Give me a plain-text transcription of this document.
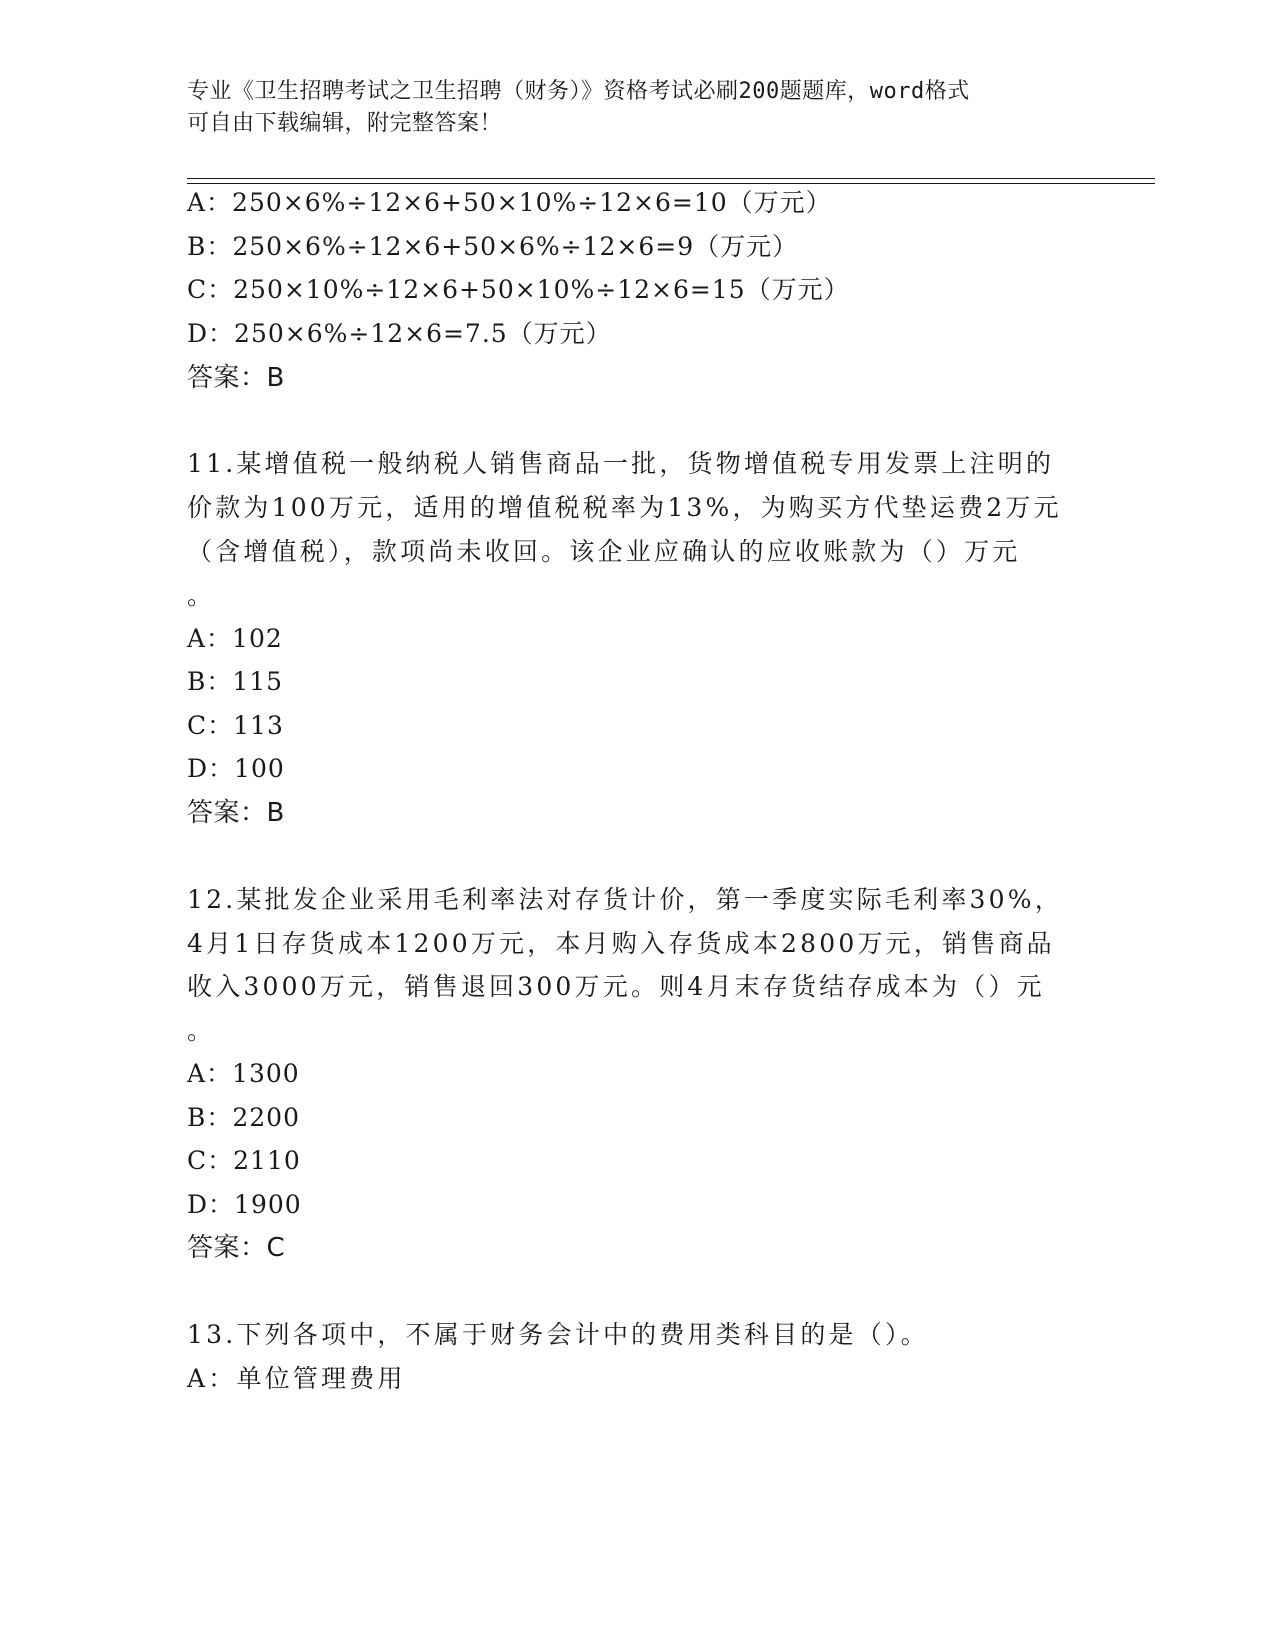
专业《卫生招聘考试之卫生招聘（财务）》资格考试必刷200题题库，word格式
可自由下载编辑，附完整答案！
A：250×6%÷12×6+50×10%÷12×6=10（万元）
B：250×6%÷12×6+50×6%÷12×6=9（万元）
C：250×10%÷12×6+50×10%÷12×6=15（万元）
D：250×6%÷12×6=7.5（万元）
答案：B
11.某增值税一般纳税人销售商品一批，货物增值税专用发票上注明的
价款为100万元，适用的增值税税率为13%，为购买方代垫运费2万元
（含增值税），款项尚未收回。该企业应确认的应收账款为（）万元
。
A：102
B：115
C：113
D：100
答案：B
12.某批发企业采用毛利率法对存货计价，第一季度实际毛利率30%，
4月1日存货成本1200万元，本月购入存货成本2800万元，销售商品
收入3000万元，销售退回300万元。则4月末存货结存成本为（）元
。
A：1300
B：2200
C：2110
D：1900
答案：C
13.下列各项中，不属于财务会计中的费用类科目的是（）。
A：单位管理费用
